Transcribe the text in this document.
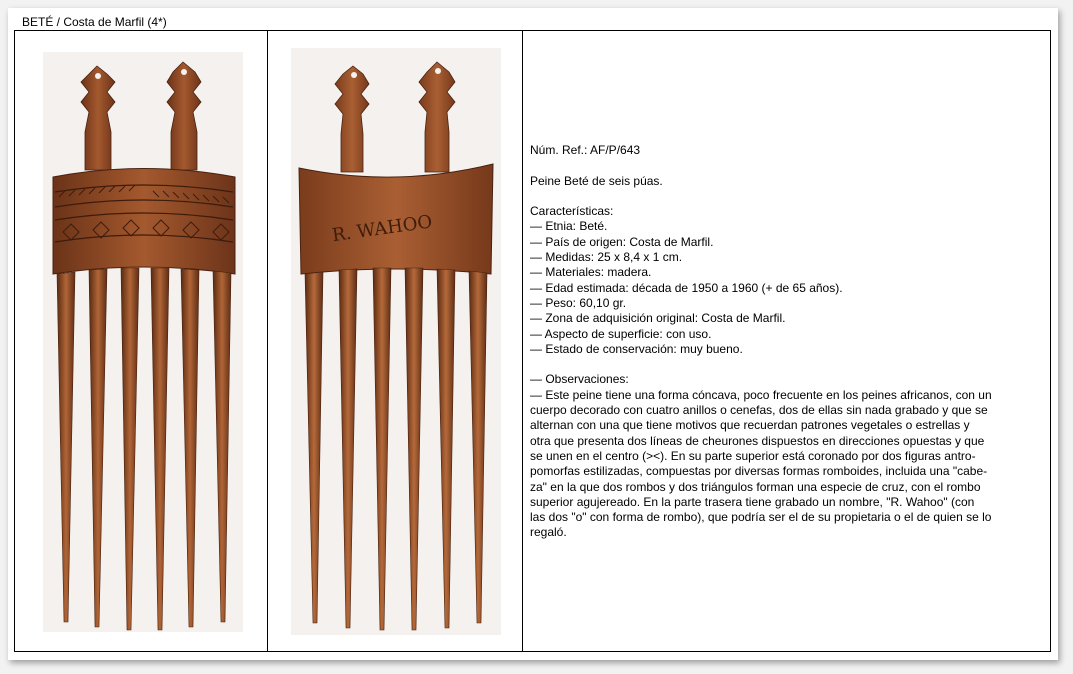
BETÉ / Costa de Marfil (4*)
R. WAHOO
Núm. Ref.: AF/P/643
Peine Beté de seis púas.
Características:
— Etnia: Beté.
— País de origen: Costa de Marfil.
— Medidas: 25 x 8,4 x 1 cm.
— Materiales: madera.
— Edad estimada: década de 1950 a 1960 (+ de 65 años).
— Peso: 60,10 gr.
— Zona de adquisición original: Costa de Marfil.
— Aspecto de superficie: con uso.
— Estado de conservación: muy bueno.
— Observaciones:
— Este peine tiene una forma cóncava, poco frecuente en los peines africanos, con un
cuerpo decorado con cuatro anillos o cenefas, dos de ellas sin nada grabado y que se
alternan con una que tiene motivos que recuerdan patrones vegetales o estrellas y
otra que presenta dos líneas de cheurones dispuestos en direcciones opuestas y que
se unen en el centro (><). En su parte superior está coronado por dos figuras antro-
pomorfas estilizadas, compuestas por diversas formas romboides, incluida una "cabe-
za" en la que dos rombos y dos triángulos forman una especie de cruz, con el rombo
superior agujereado. En la parte trasera tiene grabado un nombre, "R. Wahoo" (con
las dos "o" con forma de rombo), que podría ser el de su propietaria o el de quien se lo
regaló.
